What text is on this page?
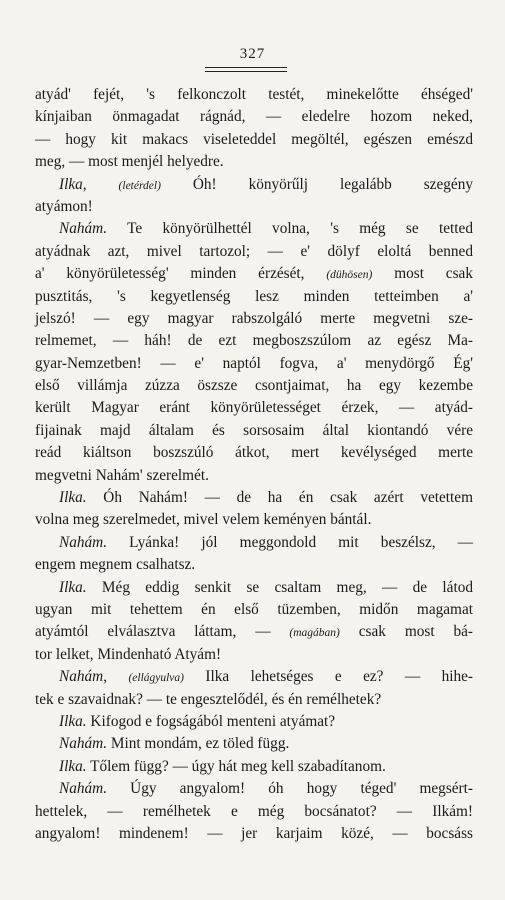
327
atyád' fejét, 's felkonczolt testét, minekelőtte éhséged'
kínjaiban önmagadat rágnád, — eledelre hozom neked,
— hogy kit makacs viseleteddel megöltél, egészen emészd
meg, — most menjél helyedre.
Ilka, (letérdel) Óh! könyörűlj legalább szegény
atyámon!
Nahám. Te könyörülhettél volna, 's még se tetted
atyádnak azt, mivel tartozol; — e' dölyf eloltá benned
a' könyörületesség' minden érzését, (dühösen) most csak
pusztitás, 's kegyetlenség lesz minden tetteimben a'
jelszó! — egy magyar rabszolgáló merte megvetni sze-
relmemet, — háh! de ezt megboszszúlom az egész Ma-
gyar-Nemzetben! — e' naptól fogva, a' menydörgő Ég'
első villámja zúzza öszsze csontjaimat, ha egy kezembe
került Magyar eránt könyörületességet érzek, — atyád-
fijainak majd általam és sorsosaim által kiontandó vére
reád kiáltson boszszúló átkot, mert kevélységed merte
megvetni Nahám' szerelmét.
Ilka. Óh Nahám! — de ha én csak azért vetettem
volna meg szerelmedet, mivel velem keményen bántál.
Nahám. Lyánka! jól meggondold mit beszélsz, —
engem megnem csalhatsz.
Ilka. Még eddig senkit se csaltam meg, — de látod
ugyan mit tehettem én első tüzemben, midőn magamat
atyámtól elválasztva láttam, — (magában) csak most bá-
tor lelket, Mindenható Atyám!
Nahám, (ellágyulva) Ilka lehetséges e ez? — hihe-
tek e szavaidnak? — te engesztelődél, és én remélhetek?
Ilka. Kifogod e fogságából menteni atyámat?
Nahám. Mint mondám, ez töled függ.
Ilka. Tőlem függ? — úgy hát meg kell szabadítanom.
Nahám. Úgy angyalom! óh hogy téged' megsért-
hettelek, — remélhetek e még bocsánatot? — Ilkám!
angyalom! mindenem! — jer karjaim közé, — bocsáss
